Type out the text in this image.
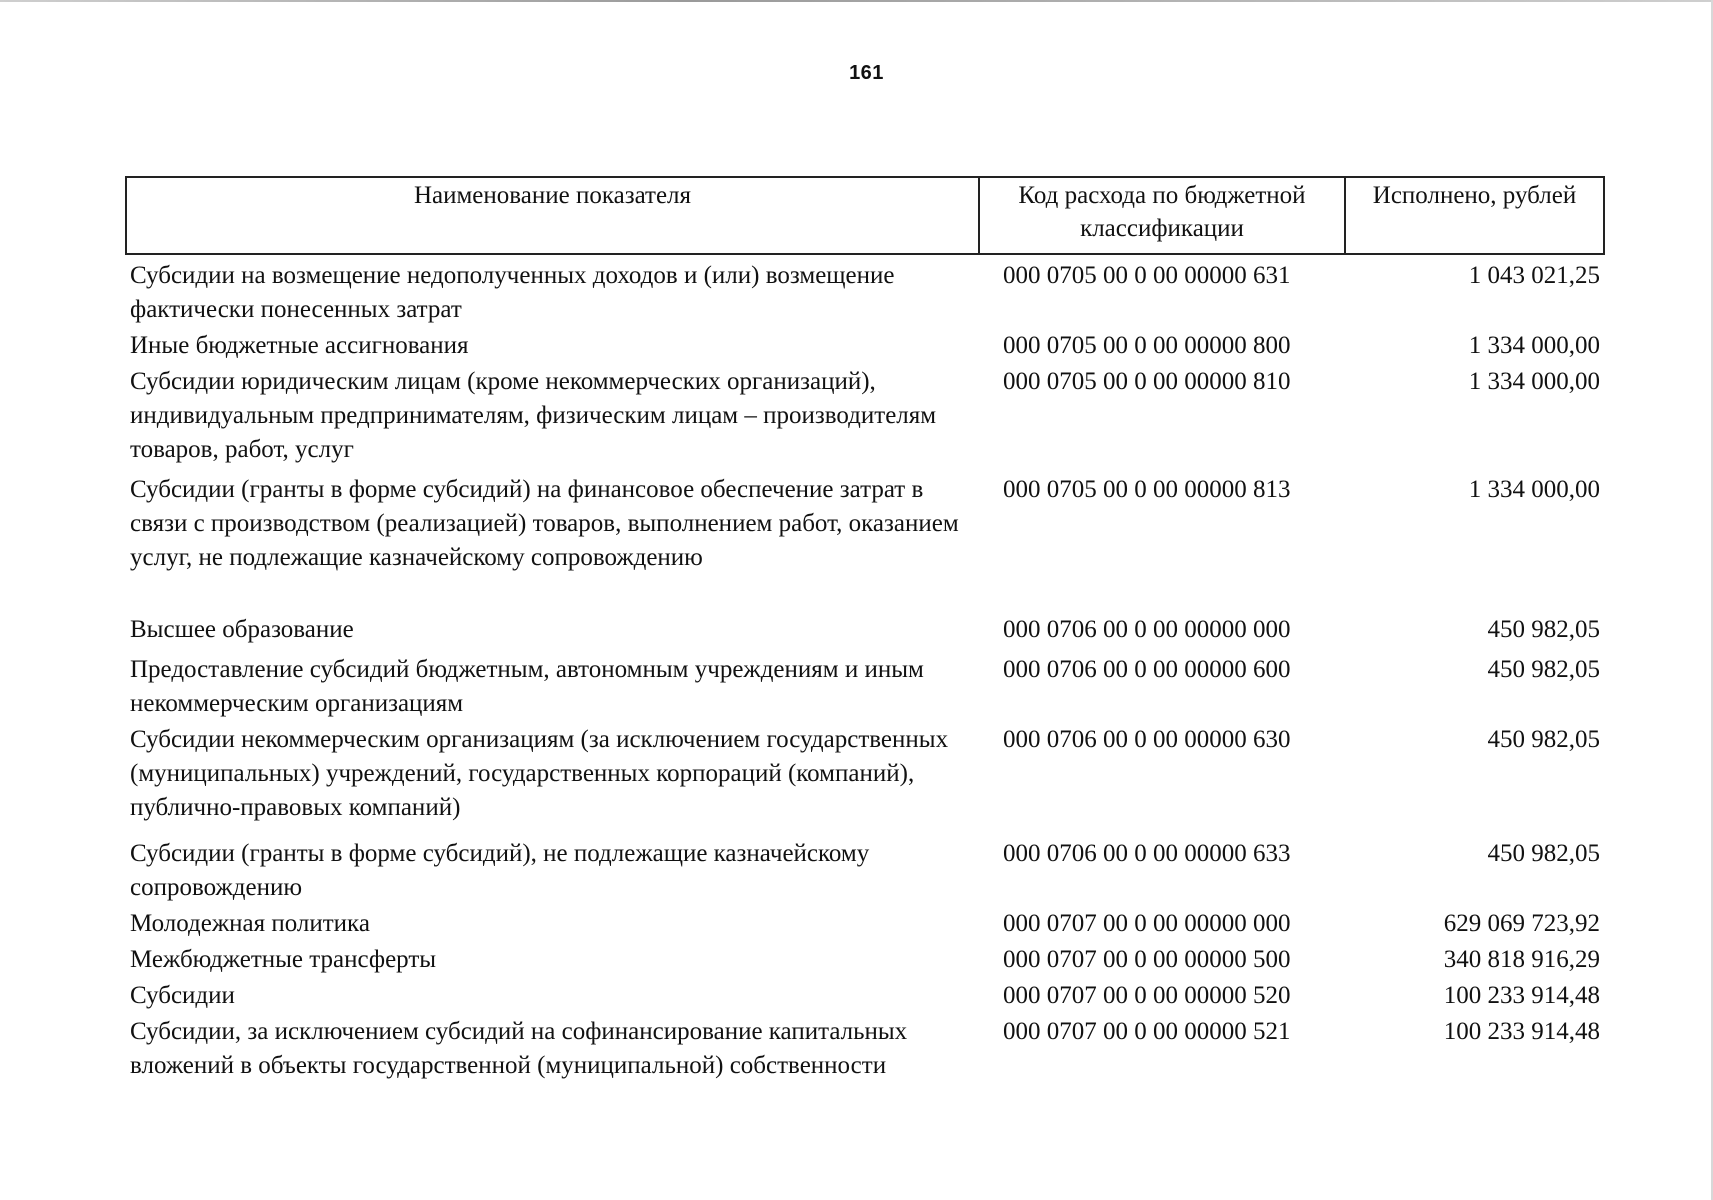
161
Наименование показателя	Код расхода по бюджетной классификации	Исполнено, рублей
Субсидии на возмещение недополученных доходов и (или) возмещение фактически понесенных затрат	000 0705 00 0 00 00000 631	1 043 021,25
Иные бюджетные ассигнования	000 0705 00 0 00 00000 800	1 334 000,00
Субсидии юридическим лицам (кроме некоммерческих организаций), индивидуальным предпринимателям, физическим лицам – производителям товаров, работ, услуг	000 0705 00 0 00 00000 810	1 334 000,00
Субсидии (гранты в форме субсидий) на финансовое обеспечение затрат в связи с производством (реализацией) товаров, выполнением работ, оказанием услуг, не подлежащие казначейскому сопровождению	000 0705 00 0 00 00000 813	1 334 000,00
Высшее образование	000 0706 00 0 00 00000 000	450 982,05
Предоставление субсидий бюджетным, автономным учреждениям и иным некоммерческим организациям	000 0706 00 0 00 00000 600	450 982,05
Субсидии некоммерческим организациям (за исключением государственных (муниципальных) учреждений, государственных корпораций (компаний), публично-правовых компаний)	000 0706 00 0 00 00000 630	450 982,05
Субсидии (гранты в форме субсидий), не подлежащие казначейскому сопровождению	000 0706 00 0 00 00000 633	450 982,05
Молодежная политика	000 0707 00 0 00 00000 000	629 069 723,92
Межбюджетные трансферты	000 0707 00 0 00 00000 500	340 818 916,29
Субсидии	000 0707 00 0 00 00000 520	100 233 914,48
Субсидии, за исключением субсидий на софинансирование капитальных вложений в объекты государственной (муниципальной) собственности	000 0707 00 0 00 00000 521	100 233 914,48
